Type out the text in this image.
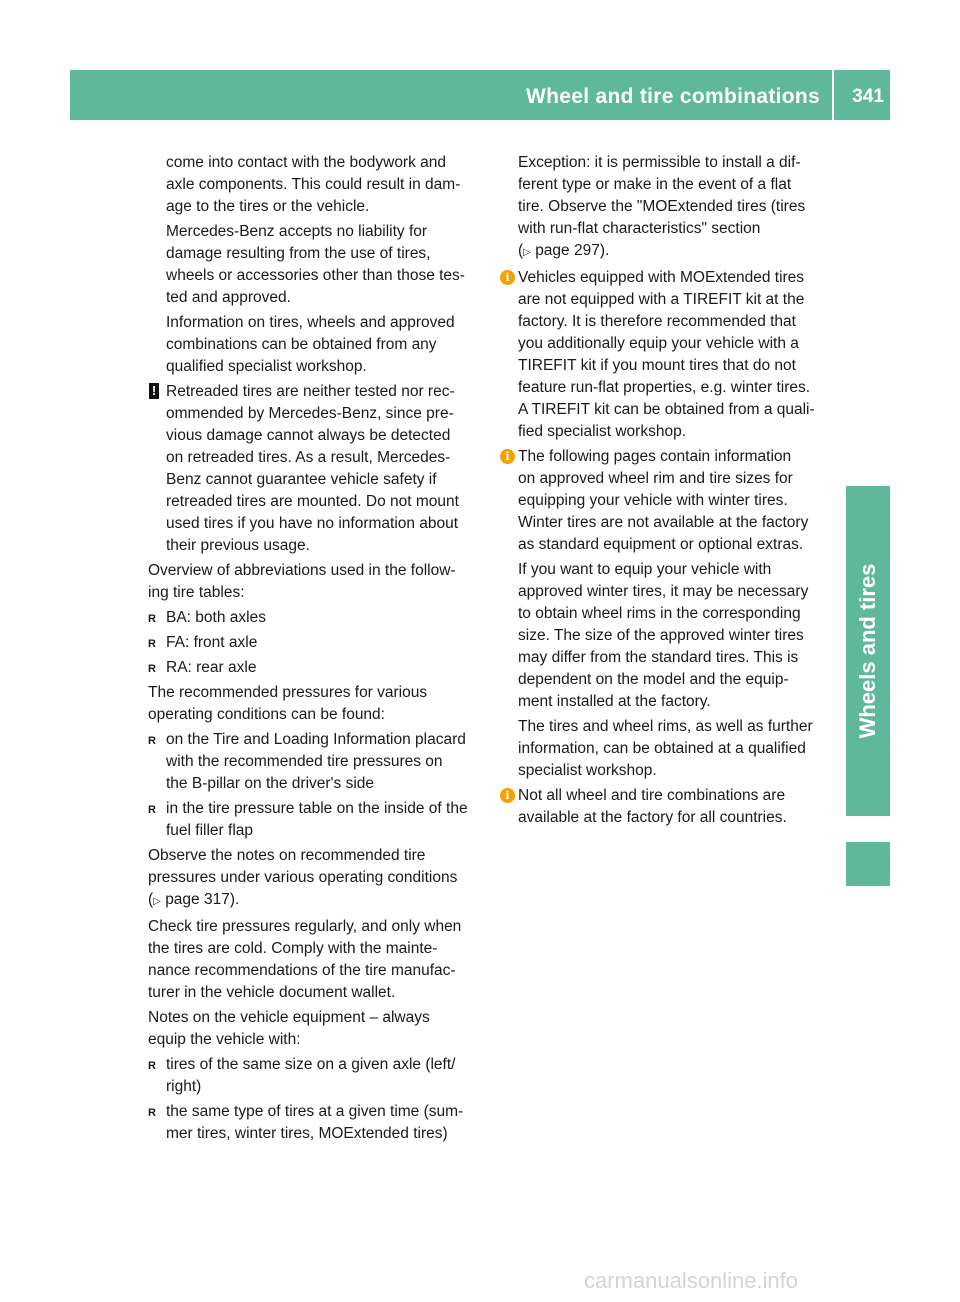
Wheel and tire combinations 341
Wheels and tires
come into contact with the bodywork and
axle components. This could result in dam-
age to the tires or the vehicle.
Mercedes-Benz accepts no liability for
damage resulting from the use of tires,
wheels or accessories other than those tes-
ted and approved.
Information on tires, wheels and approved
combinations can be obtained from any
qualified specialist workshop.
! Retreaded tires are neither tested nor rec-
ommended by Mercedes-Benz, since pre-
vious damage cannot always be detected
on retreaded tires. As a result, Mercedes-
Benz cannot guarantee vehicle safety if
retreaded tires are mounted. Do not mount
used tires if you have no information about
their previous usage.
Overview of abbreviations used in the follow-
ing tire tables:
R BA: both axles
R FA: front axle
R RA: rear axle
The recommended pressures for various
operating conditions can be found:
R on the Tire and Loading Information placard
with the recommended tire pressures on
the B-pillar on the driver's side
R in the tire pressure table on the inside of the
fuel filler flap
Observe the notes on recommended tire
pressures under various operating conditions
(▷ page 317).
Check tire pressures regularly, and only when
the tires are cold. Comply with the mainte-
nance recommendations of the tire manufac-
turer in the vehicle document wallet.
Notes on the vehicle equipment – always
equip the vehicle with:
R tires of the same size on a given axle (left/
right)
R the same type of tires at a given time (sum-
mer tires, winter tires, MOExtended tires)
Exception: it is permissible to install a dif-
ferent type or make in the event of a flat
tire. Observe the "MOExtended tires (tires
with run-flat characteristics" section
(▷ page 297).
i Vehicles equipped with MOExtended tires
are not equipped with a TIREFIT kit at the
factory. It is therefore recommended that
you additionally equip your vehicle with a
TIREFIT kit if you mount tires that do not
feature run-flat properties, e.g. winter tires.
A TIREFIT kit can be obtained from a quali-
fied specialist workshop.
i The following pages contain information
on approved wheel rim and tire sizes for
equipping your vehicle with winter tires.
Winter tires are not available at the factory
as standard equipment or optional extras.
If you want to equip your vehicle with
approved winter tires, it may be necessary
to obtain wheel rims in the corresponding
size. The size of the approved winter tires
may differ from the standard tires. This is
dependent on the model and the equip-
ment installed at the factory.
The tires and wheel rims, as well as further
information, can be obtained at a qualified
specialist workshop.
i Not all wheel and tire combinations are
available at the factory for all countries.
carmanualsonline.info
